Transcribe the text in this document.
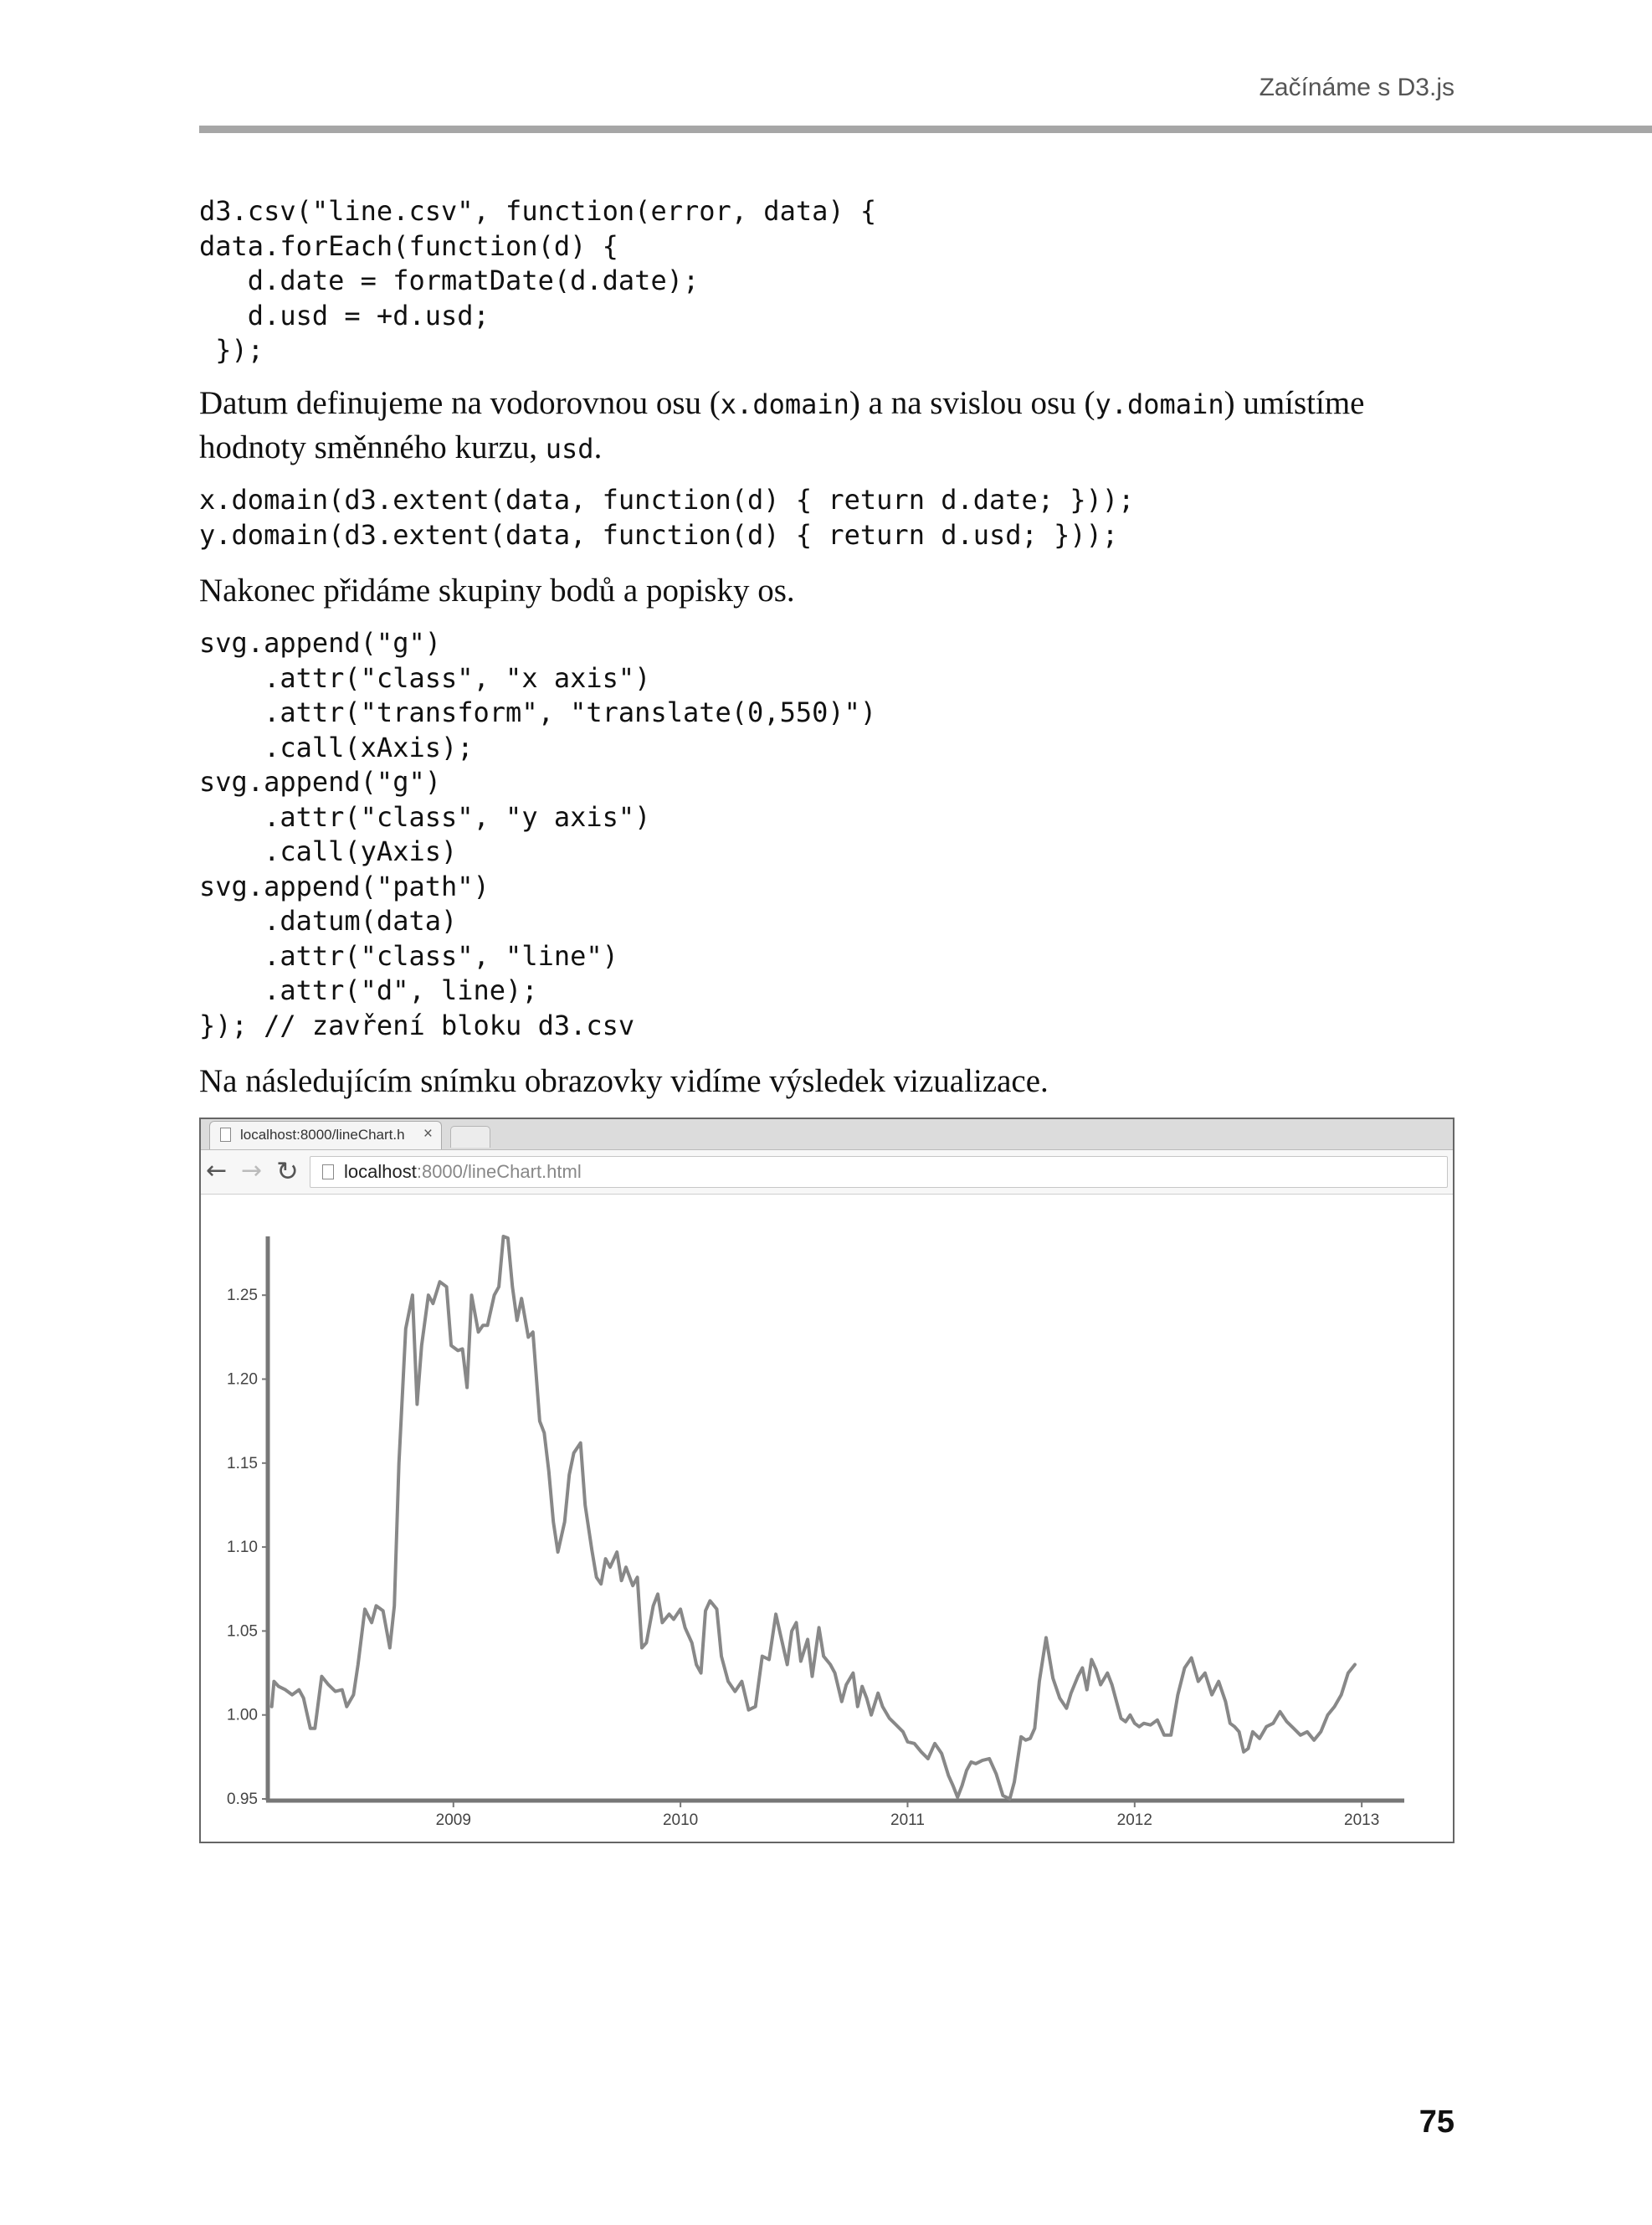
Začínáme s D3.js
d3.csv("line.csv", function(error, data) {
data.forEach(function(d) {
d.date = formatDate(d.date);
d.usd = +d.usd;
});

Datum definujeme na vodorovnou osu (x.domain) a na svislou osu (y.domain) umístíme hodnoty směnného kurzu, usd.

x.domain(d3.extent(data, function(d) { return d.date; }));
y.domain(d3.extent(data, function(d) { return d.usd; }));

Nakonec přidáme skupiny bodů a popisky os.

svg.append("g")
.attr("class", "x axis")
.attr("transform", "translate(0,550)")
.call(xAxis);
svg.append("g")
.attr("class", "y axis")
.call(yAxis)
svg.append("path")
.datum(data)
.attr("class", "line")
.attr("d", line);
}); // zavření bloku d3.csv

Na následujícím snímku obrazovky vidíme výsledek vizualizace.

localhost:8000/lineChart.h	×
← → ↻ localhost:8000/lineChart.html
0.95
1.00
1.05
1.10
1.15
1.20
1.25
2009	2010	2011	2012	2013
75
